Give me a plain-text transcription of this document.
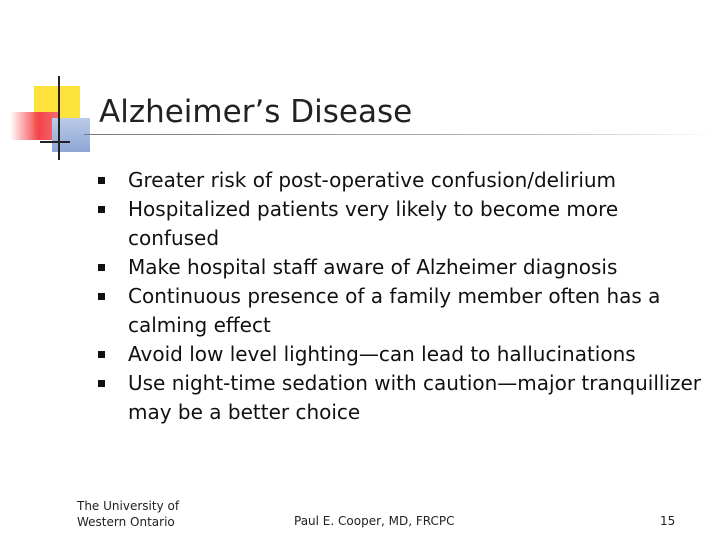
Alzheimer’s Disease
Greater risk of post-operative confusion/delirium
Hospitalized patients very likely to become more confused
Make hospital staff aware of Alzheimer diagnosis
Continuous presence of a family member often has a calming effect
Avoid low level lighting—can lead to hallucinations
Use night-time sedation with caution—major tranquillizer may be a better choice
The University of
Western Ontario	Paul E. Cooper, MD, FRCPC	15
